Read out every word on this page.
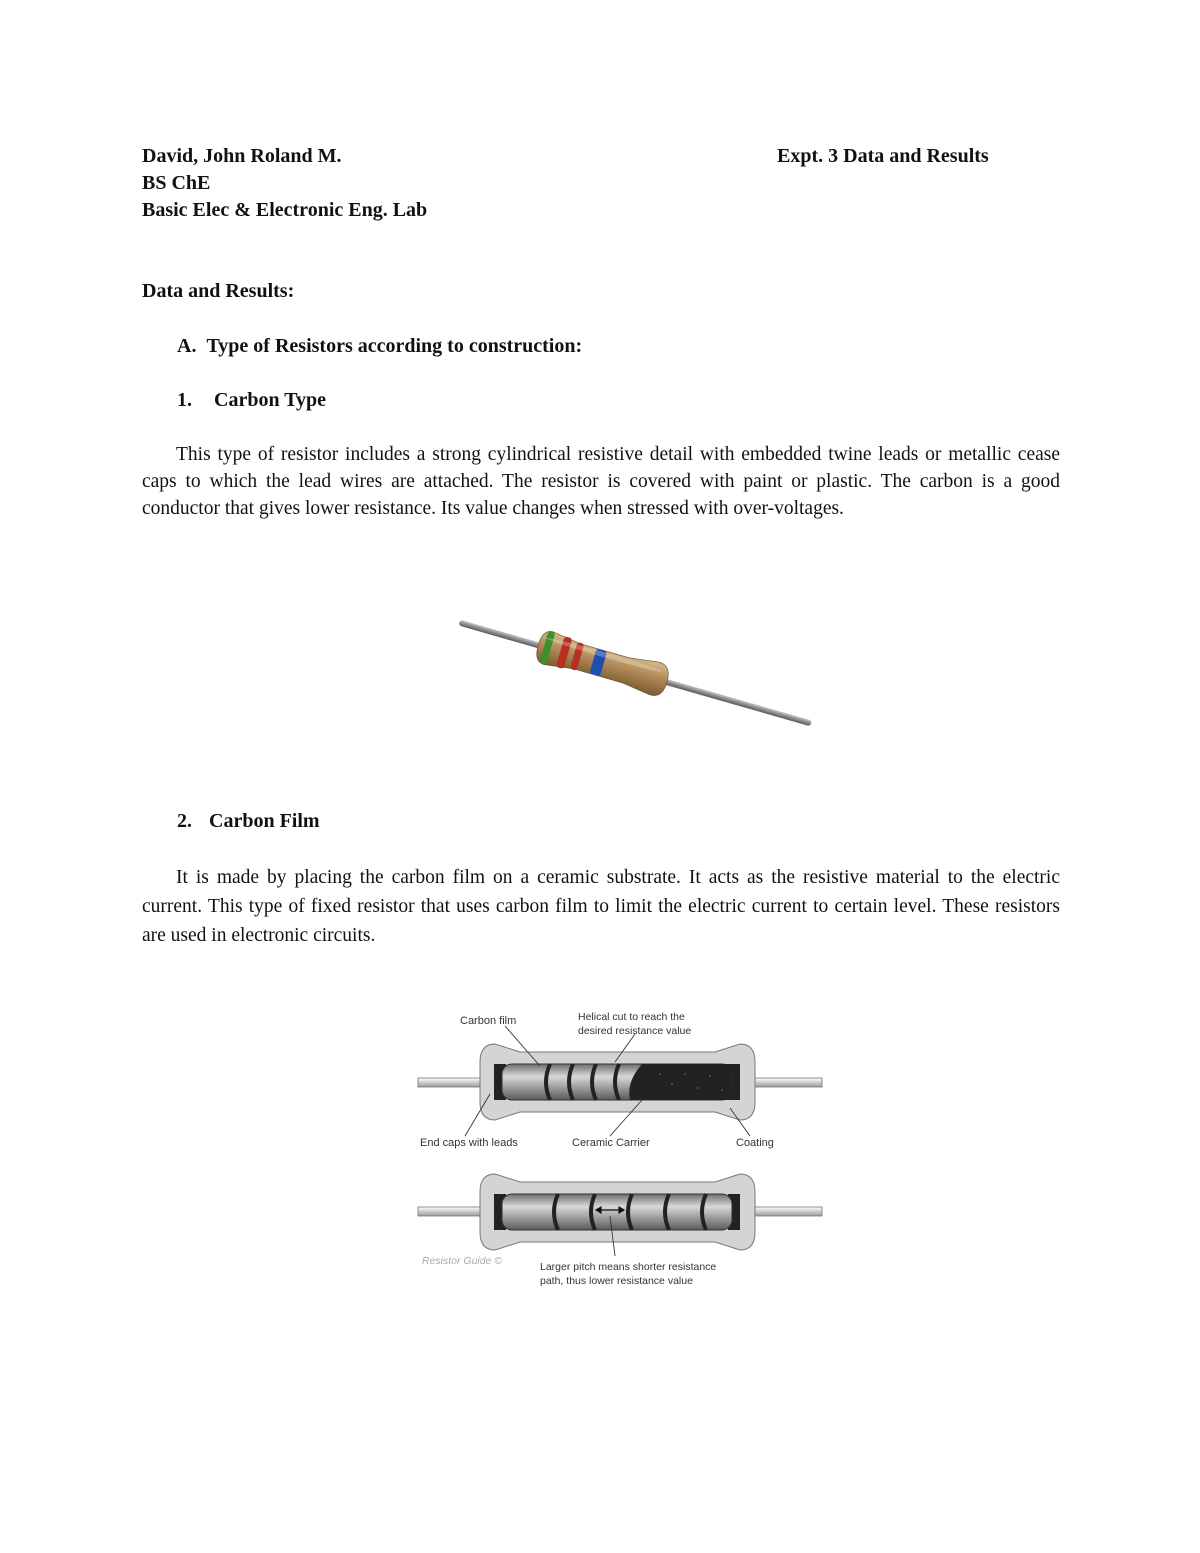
David, John Roland M.
BS ChE
Basic Elec & Electronic Eng. Lab
Expt. 3 Data and Results
Data and Results:
A. Type of Resistors according to construction:
1. Carbon Type
This type of resistor includes a strong cylindrical resistive detail with embedded twine leads or metallic cease caps to which the lead wires are attached. The resistor is covered with paint or plastic. The carbon is a good conductor that gives lower resistance. Its value changes when stressed with over-voltages.
2. Carbon Film
It is made by placing the carbon film on a ceramic substrate. It acts as the resistive material to the electric current. This type of fixed resistor that uses carbon film to limit the electric current to certain level. These resistors are used in electronic circuits.
Carbon film	Helical cut to reach the
desired resistance value
End caps with leads	Ceramic Carrier	Coating
Resistor Guide ©	Larger pitch means shorter resistance
path, thus lower resistance value
